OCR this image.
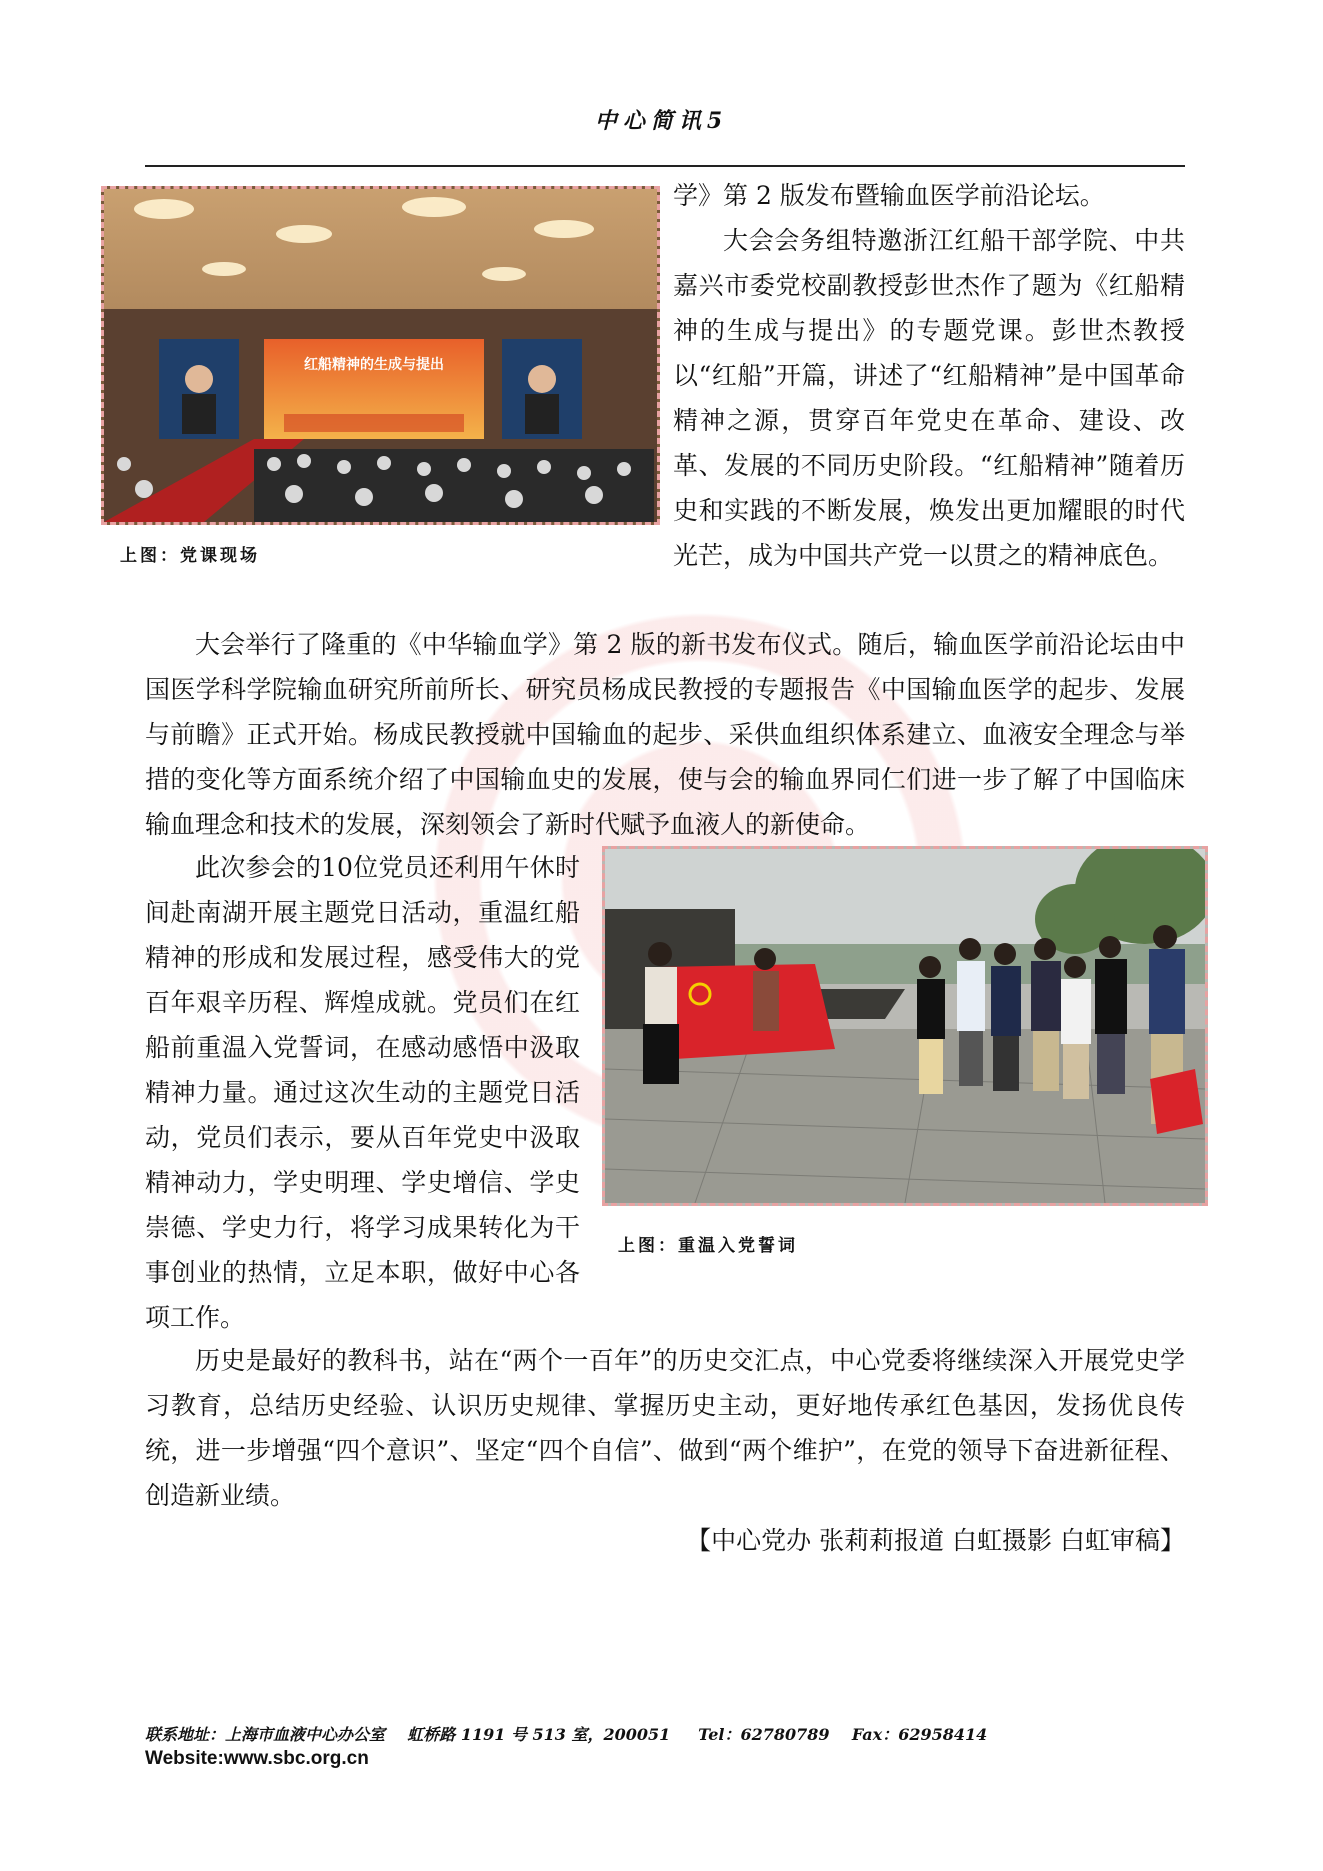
中心简讯5
红船精神的生成与提出

学》第 2 版发布暨输血医学前沿论坛。

大会会务组特邀浙江红船干部学院、中共嘉兴市委党校副教授彭世杰作了题为《红船精神的生成与提出》的专题党课。彭世杰教授以“红船”开篇，讲述了“红船精神”是中国革命精神之源，贯穿百年党史在革命、建设、改革、发展的不同历史阶段。“红船精神”随着历史和实践的不断发展，焕发出更加耀眼的时代光芒，成为中国共产党一以贯之的精神底色。

上图：党课现场

大会举行了隆重的《中华输血学》第 2 版的新书发布仪式。随后，输血医学前沿论坛由中国医学科学院输血研究所前所长、研究员杨成民教授的专题报告《中国输血医学的起步、发展与前瞻》正式开始。杨成民教授就中国输血的起步、采供血组织体系建立、血液安全理念与举措的变化等方面系统介绍了中国输血史的发展，使与会的输血界同仁们进一步了解了中国临床输血理念和技术的发展，深刻领会了新时代赋予血液人的新使命。

此次参会的10位党员还利用午休时间赴南湖开展主题党日活动，重温红船精神的形成和发展过程，感受伟大的党百年艰辛历程、辉煌成就。党员们在红船前重温入党誓词，在感动感悟中汲取精神力量。通过这次生动的主题党日活动，党员们表示，要从百年党史中汲取精神动力，学史明理、学史增信、学史崇德、学史力行，将学习成果转化为干事创业的热情，立足本职，做好中心各项工作。

上图：重温入党誓词

历史是最好的教科书，站在“两个一百年”的历史交汇点，中心党委将继续深入开展党史学习教育，总结历史经验、认识历史规律、掌握历史主动，更好地传承红色基因，发扬优良传统，进一步增强“四个意识”、坚定“四个自信”、做到“两个维护”，在党的领导下奋进新征程、创造新业绩。

【中心党办 张莉莉报道 白虹摄影 白虹审稿】
联系地址：上海市血液中心办公室    虹桥路 1191 号 513 室，200051     Tel：62780789    Fax：62958414
Website:www.sbc.org.cn
